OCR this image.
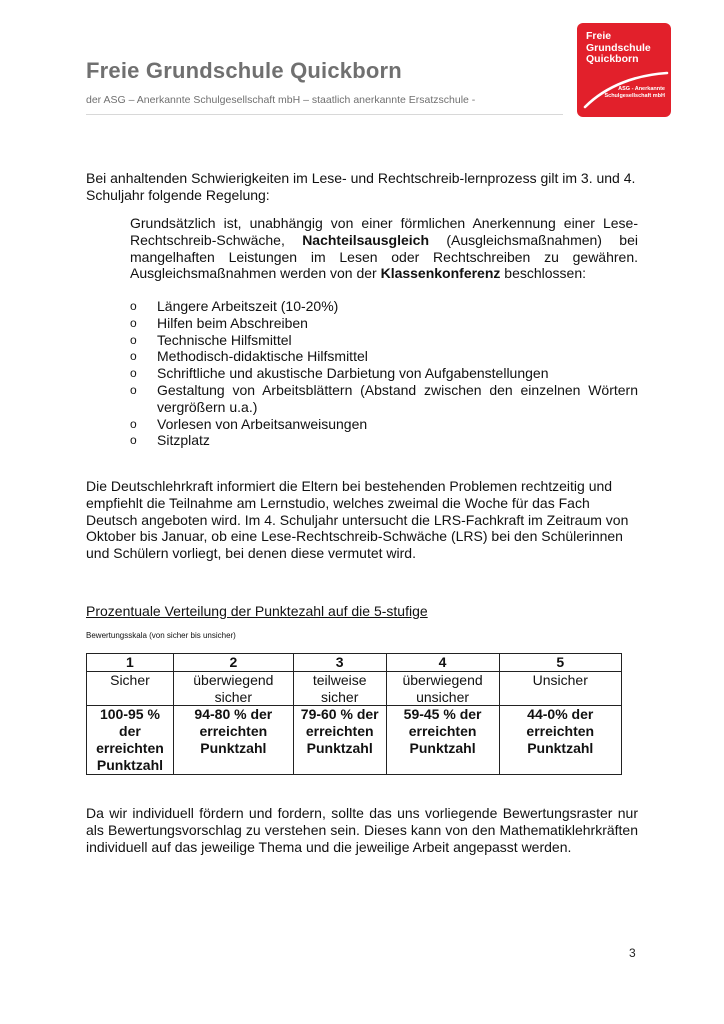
Freie Grundschule Quickborn
der ASG – Anerkannte Schulgesellschaft mbH – staatlich anerkannte Ersatzschule -
Freie
Grundschule
Quickborn
ASG - Anerkannte
Schulgesellschaft mbH
Bei anhaltenden Schwierigkeiten im Lese- und Rechtschreib-lernprozess gilt im 3. und 4. Schuljahr folgende Regelung:
Grundsätzlich ist, unabhängig von einer förmlichen Anerkennung einer Lese-Rechtschreib-Schwäche, Nachteilsausgleich (Ausgleichsmaßnahmen) bei mangelhaften Leistungen im Lesen oder Rechtschreiben zu gewähren. Ausgleichsmaßnahmen werden von der Klassenkonferenz beschlossen:
o Längere Arbeitszeit (10-20%)
o Hilfen beim Abschreiben
o Technische Hilfsmittel
o Methodisch-didaktische Hilfsmittel
o Schriftliche und akustische Darbietung von Aufgabenstellungen
o Gestaltung von Arbeitsblättern (Abstand zwischen den einzelnen Wörtern vergrößern u.a.)
o Vorlesen von Arbeitsanweisungen
o Sitzplatz
Die Deutschlehrkraft informiert die Eltern bei bestehenden Problemen rechtzeitig und empfiehlt die Teilnahme am Lernstudio, welches zweimal die Woche für das Fach Deutsch angeboten wird. Im 4. Schuljahr untersucht die LRS-Fachkraft im Zeitraum von Oktober bis Januar, ob eine Lese-Rechtschreib-Schwäche (LRS) bei den Schülerinnen und Schülern vorliegt, bei denen diese vermutet wird.
Prozentuale Verteilung der Punktezahl auf die 5-stufige
Bewertungsskala (von sicher bis unsicher)
1	2	3	4	5
Sicher	überwiegend sicher	teilweise sicher	überwiegend unsicher	Unsicher
100-95 % der erreichten Punktzahl	94-80 % der erreichten Punktzahl	79-60 % der erreichten Punktzahl	59-45 % der erreichten Punktzahl	44-0% der erreichten Punktzahl
Da wir individuell fördern und fordern, sollte das uns vorliegende Bewertungsraster nur als Bewertungsvorschlag zu verstehen sein. Dieses kann von den Mathematiklehrkräften individuell auf das jeweilige Thema und die jeweilige Arbeit angepasst werden.
3
